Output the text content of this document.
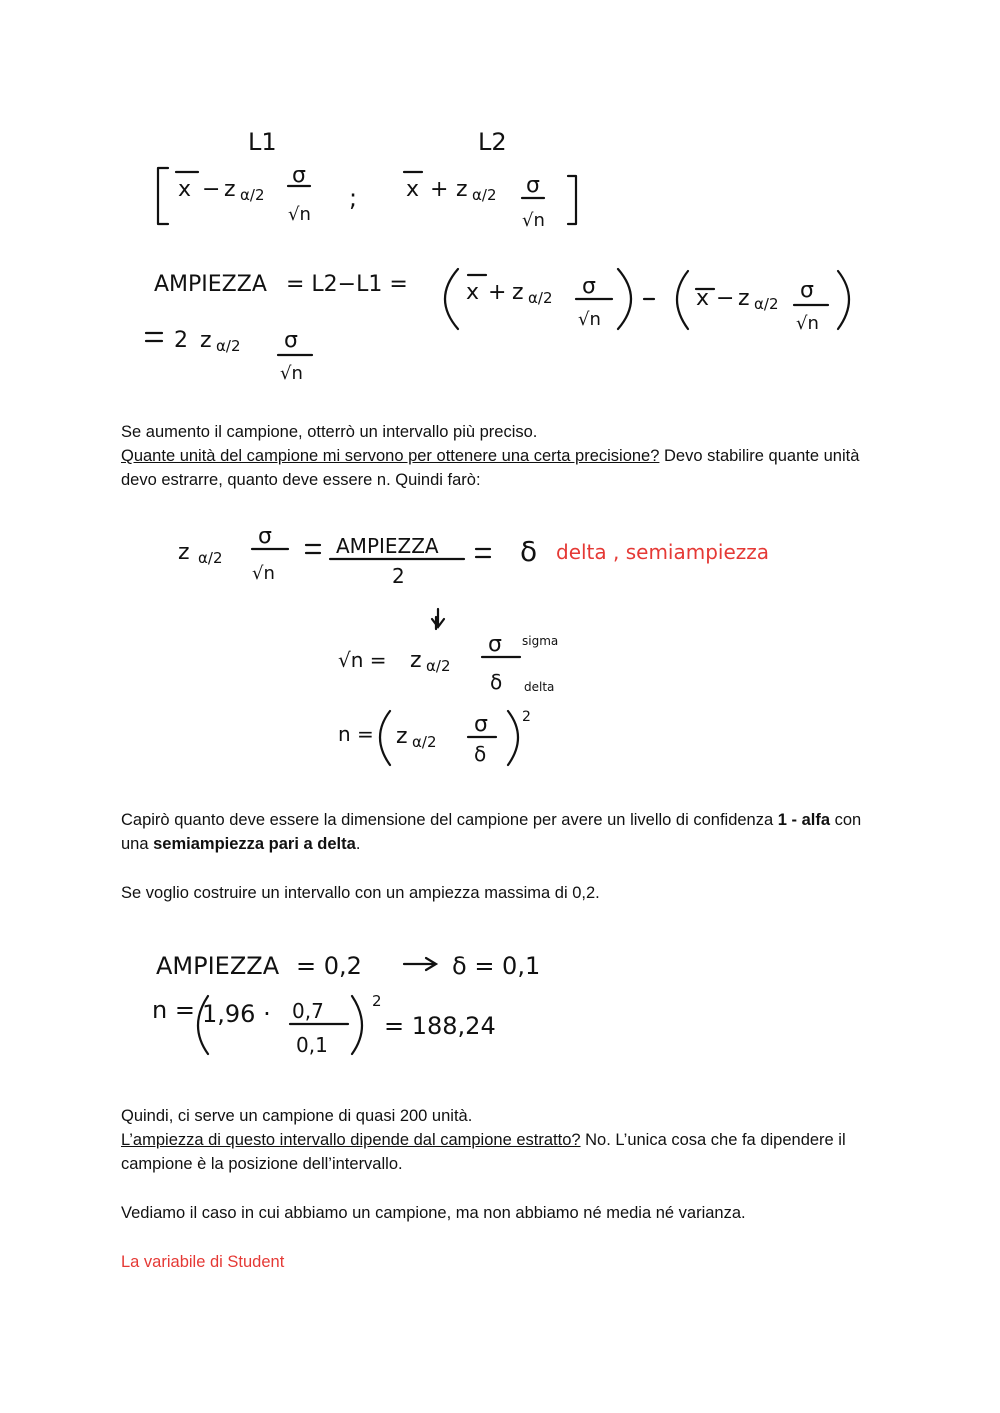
L1	L2
;
x − z α/2
σ
√n
x + z α/2 σ
√n
AMPIEZZA = L2−L1 =	x + z α/2 σ
√n
x − z α/2
σ
√n
2 z α/2 σ
√n

Se aumento il campione, otterrò un intervallo più preciso.

Quante unità del campione mi servono per ottenere una certa precisione? Devo stabilire quante unità devo estrarre, quanto deve essere n. Quindi farò:

z α/2
σ
√n
AMPIEZZA
2
δ
√n = z α/2
σ
δ
sigma
delta
n = z α/2
σ
δ
2
delta , semiampiezza

Capirò quanto deve essere la dimensione del campione per avere un livello di confidenza 1 - alfa con una semiampiezza pari a delta.

Se voglio costruire un intervallo con un ampiezza massima di 0,2.

AMPIEZZA = 0,2	δ = 0,1
n = 1,96 · 0,7
0,1
2
= 188,24

Quindi, ci serve un campione di quasi 200 unità.

L’ampiezza di questo intervallo dipende dal campione estratto? No. L’unica cosa che fa dipendere il campione è la posizione dell’intervallo.

Vediamo il caso in cui abbiamo un campione, ma non abbiamo né media né varianza.

La variabile di Student
